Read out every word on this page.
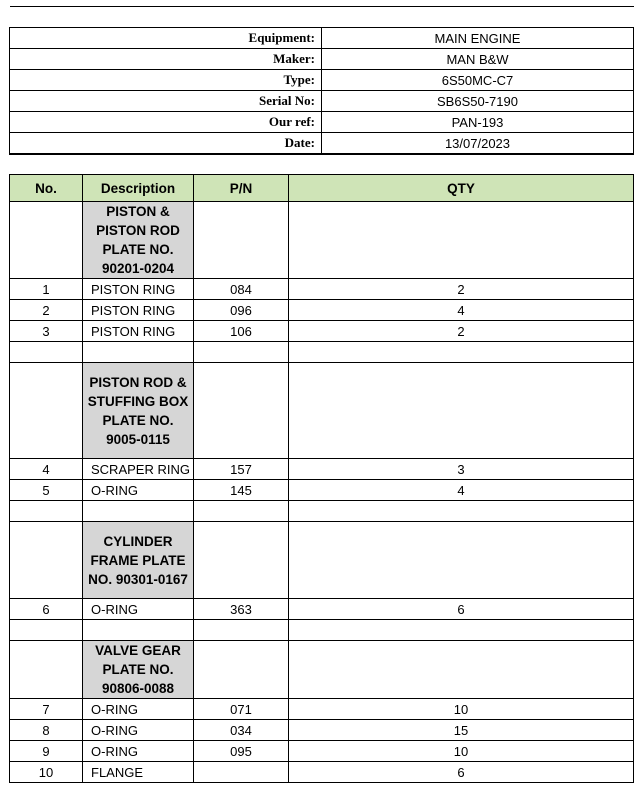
Equipment:	MAIN ENGINE
Maker:	MAN B&W
Type:	6S50MC-C7
Serial No:	SB6S50-7190
Our ref:	PAN-193
Date:	13/07/2023
No.	Description	P/N	QTY
	PISTON & PISTON ROD PLATE NO. 90201-0204		
1	PISTON RING	084	2
2	PISTON RING	096	4
3	PISTON RING	106	2

	PISTON ROD & STUFFING BOX PLATE NO. 9005-0115		
4	SCRAPER RING	157	3
5	O-RING	145	4

	CYLINDER FRAME PLATE NO. 90301-0167		
6	O-RING	363	6

	VALVE GEAR PLATE NO. 90806-0088		
7	O-RING	071	10
8	O-RING	034	15
9	O-RING	095	10
10	FLANGE		6
